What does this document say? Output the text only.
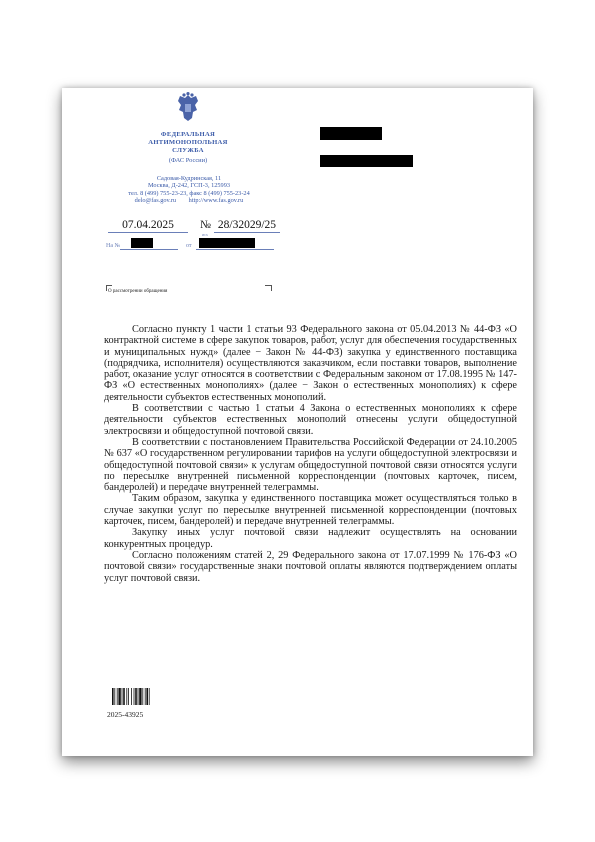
ФЕДЕРАЛЬНАЯ
АНТИМОНОПОЛЬНАЯ
СЛУЖБА
(ФАС России)
Садовая-Кудринская, 11
Москва, Д-242, ГСП-3, 125993
тел. 8 (499) 755-23-23, факс 8 (499) 755-23-24
delo@fas.gov.ru        http://www.fas.gov.ru
07.04.2025	№
исх
28/32029/25
На №	от
О рассмотрении обращения

Согласно пункту 1 части 1 статьи 93 Федерального закона от 05.04.2013 № 44-ФЗ «О контрактной системе в сфере закупок товаров, работ, услуг для обеспечения государственных и муниципальных нужд» (далее − Закон № 44-ФЗ) закупка у единственного поставщика (подрядчика, исполнителя) осуществляются заказчиком, если поставки товаров, выполнение работ, оказание услуг относятся в соответствии с Федеральным законом от 17.08.1995 № 147-ФЗ «О естественных монополиях» (далее − Закон о естественных монополиях) к сфере деятельности субъектов естественных монополий.

В соответствии с частью 1 статьи 4 Закона о естественных монополиях к сфере деятельности субъектов естественных монополий отнесены услуги общедоступной электросвязи и общедоступной почтовой связи.

В соответствии с постановлением Правительства Российской Федерации от 24.10.2005 № 637 «О государственном регулировании тарифов на услуги общедоступной электросвязи и общедоступной почтовой связи» к услугам общедоступной почтовой связи относятся услуги по пересылке внутренней письменной корреспонденции (почтовых карточек, писем, бандеролей) и передаче внутренней телеграммы.

Таким образом, закупка у единственного поставщика может осуществляться только в случае закупки услуг по пересылке внутренней письменной корреспонденции (почтовых карточек, писем, бандеролей) и передаче внутренней телеграммы.

Закупку иных услуг почтовой связи надлежит осуществлять на основании конкурентных процедур.

Согласно положениям статей 2, 29 Федерального закона от 17.07.1999 № 176-ФЗ «О почтовой связи» государственные знаки почтовой оплаты являются подтверждением оплаты услуг почтовой связи.

2025-43925
